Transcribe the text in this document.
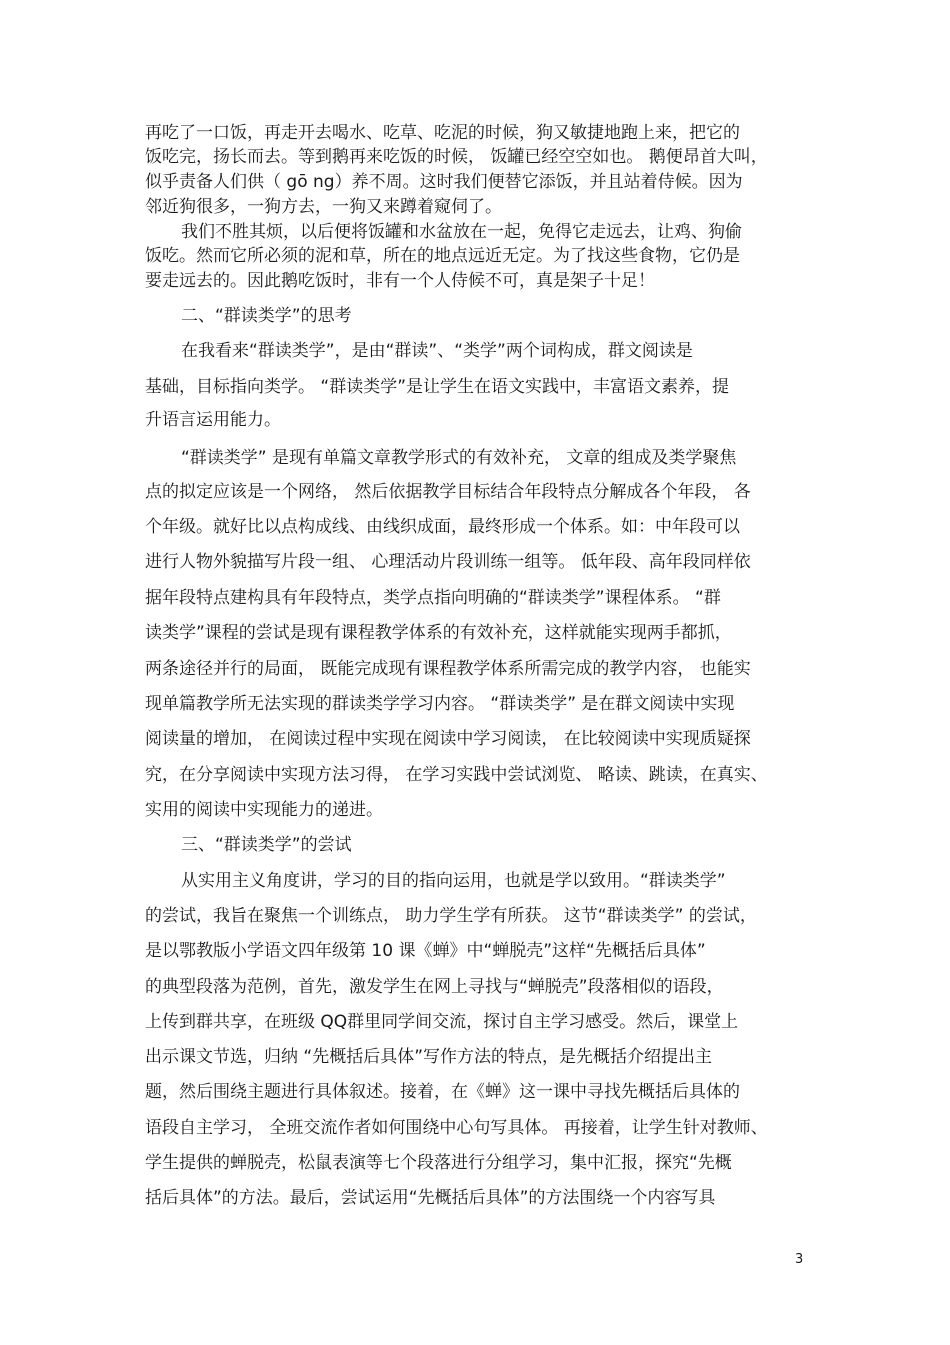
再吃了一口饭，再走开去喝水、吃草、吃泥的时候，狗又敏捷地跑上来，把它的
饭吃完，扬长而去。等到鹅再来吃饭的时候， 饭罐已经空空如也。 鹅便昂首大叫，
似乎责备人们供（ gō ng）养不周。这时我们便替它添饭，并且站着侍候。因为
邻近狗很多，一狗方去，一狗又来蹲着窥伺了。
我们不胜其烦，以后便将饭罐和水盆放在一起，免得它走远去，让鸡、狗偷
饭吃。然而它所必须的泥和草，所在的地点远近无定。为了找这些食物，它仍是
要走远去的。因此鹅吃饭时，非有一个人侍候不可，真是架子十足！
二、“群读类学”的思考
在我看来“群读类学”，是由“群读”、“类学”两个词构成，群文阅读是
基础，目标指向类学。 “群读类学”是让学生在语文实践中，丰富语文素养，提
升语言运用能力。
“群读类学” 是现有单篇文章教学形式的有效补充， 文章的组成及类学聚焦
点的拟定应该是一个网络， 然后依据教学目标结合年段特点分解成各个年段， 各
个年级。就好比以点构成线、由线织成面，最终形成一个体系。如：中年段可以
进行人物外貌描写片段一组、 心理活动片段训练一组等。 低年段、高年段同样依
据年段特点建构具有年段特点，类学点指向明确的“群读类学”课程体系。 “群
读类学”课程的尝试是现有课程教学体系的有效补充，这样就能实现两手都抓，
两条途径并行的局面， 既能完成现有课程教学体系所需完成的教学内容， 也能实
现单篇教学所无法实现的群读类学学习内容。 “群读类学” 是在群文阅读中实现
阅读量的增加， 在阅读过程中实现在阅读中学习阅读， 在比较阅读中实现质疑探
究，在分享阅读中实现方法习得， 在学习实践中尝试浏览、 略读、跳读，在真实、
实用的阅读中实现能力的递进。
三、“群读类学”的尝试
从实用主义角度讲，学习的目的指向运用，也就是学以致用。“群读类学”
的尝试，我旨在聚焦一个训练点， 助力学生学有所获。 这节“群读类学” 的尝试，
是以鄂教版小学语文四年级第 10 课《蝉》中“蝉脱壳”这样“先概括后具体”
的典型段落为范例，首先，激发学生在网上寻找与“蝉脱壳”段落相似的语段，
上传到群共享，在班级 QQ群里同学间交流，探讨自主学习感受。然后，课堂上
出示课文节选，归纳 “先概括后具体”写作方法的特点，是先概括介绍提出主
题，然后围绕主题进行具体叙述。接着，在《蝉》这一课中寻找先概括后具体的
语段自主学习， 全班交流作者如何围绕中心句写具体。 再接着，让学生针对教师、
学生提供的蝉脱壳，松鼠表演等七个段落进行分组学习，集中汇报，探究“先概
括后具体”的方法。最后，尝试运用“先概括后具体”的方法围绕一个内容写具
3
